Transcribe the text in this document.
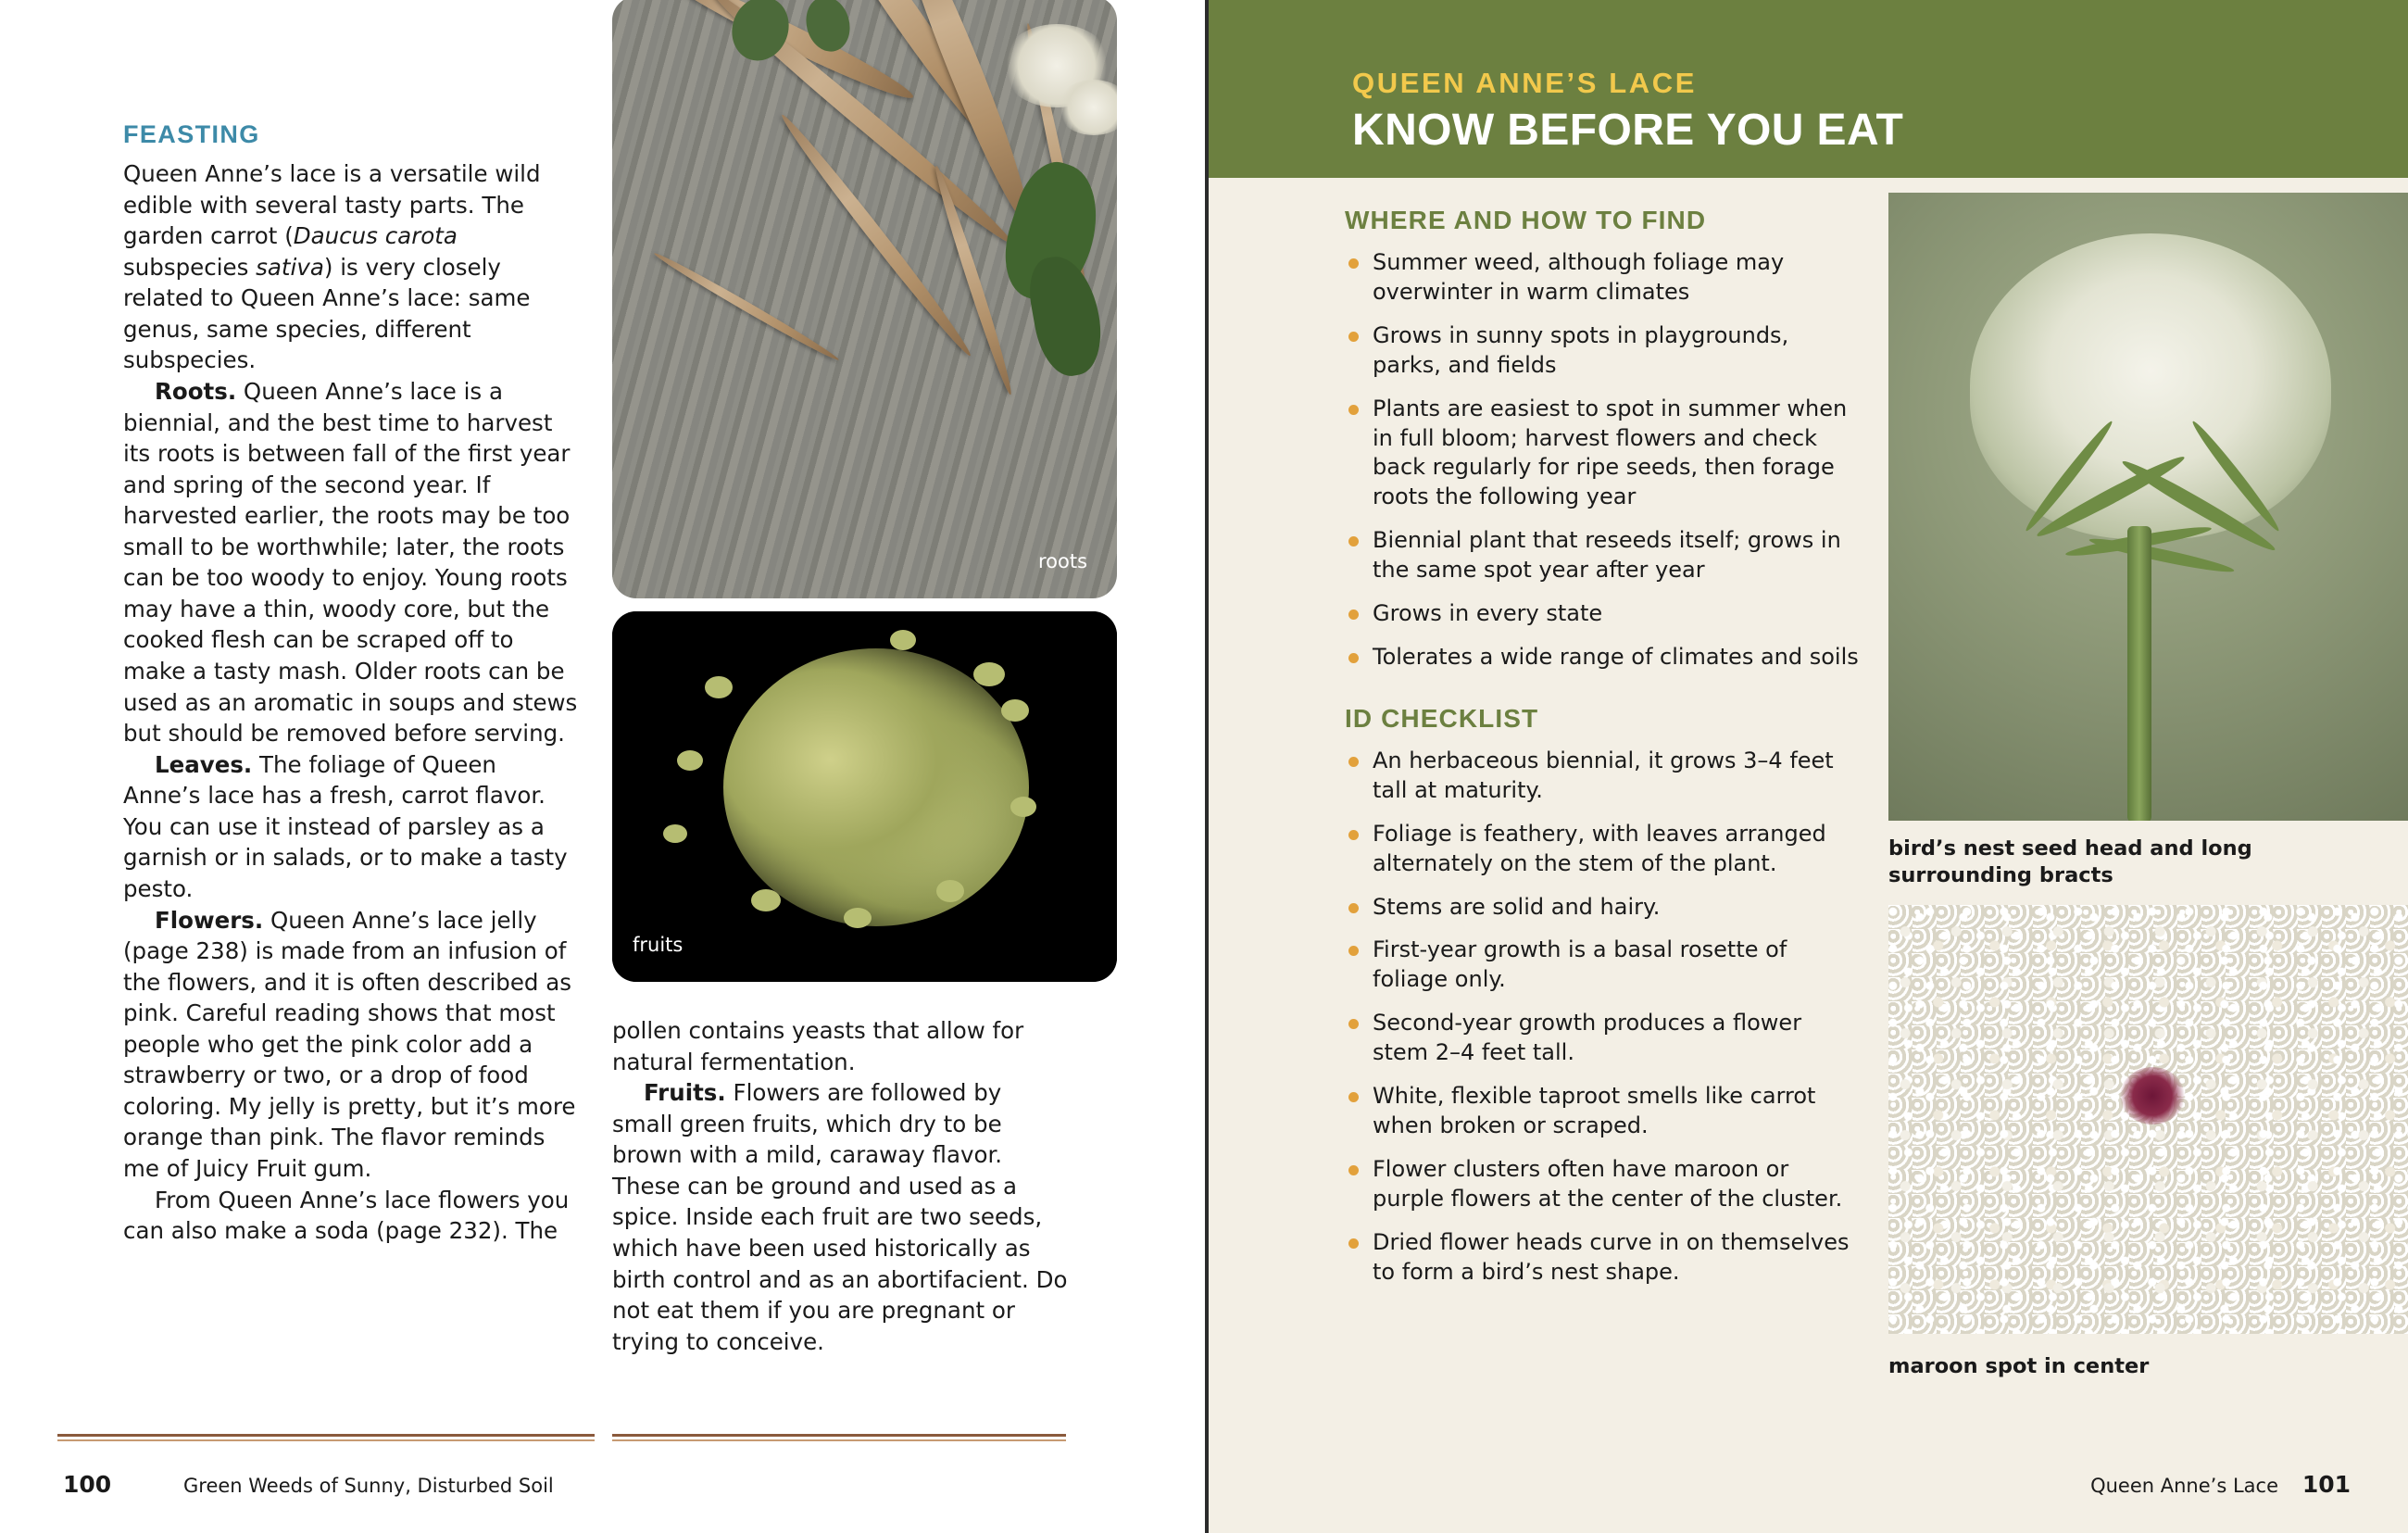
roots
fruits
FEASTING

Queen Anne’s lace is a versatile wild edible with several tasty parts. The garden carrot (Daucus carota subspecies sativa) is very closely related to Queen Anne’s lace: same genus, same species, different subspecies.

Roots. Queen Anne’s lace is a biennial, and the best time to harvest its roots is between fall of the first year and spring of the second year. If harvested earlier, the roots may be too small to be worthwhile; later, the roots can be too woody to enjoy. Young roots may have a thin, woody core, but the cooked flesh can be scraped off to make a tasty mash. Older roots can be used as an aromatic in soups and stews but should be removed before serving.

Leaves. The foliage of Queen Anne’s lace has a fresh, carrot flavor. You can use it instead of parsley as a garnish or in salads, or to make a tasty pesto.

Flowers. Queen Anne’s lace jelly (page 238) is made from an infusion of the flowers, and it is often described as pink. Careful reading shows that most people who get the pink color add a strawberry or two, or a drop of food coloring. My jelly is pretty, but it’s more orange than pink. The flavor reminds me of Juicy Fruit gum.

From Queen Anne’s lace flowers you can also make a soda (page 232). The

pollen contains yeasts that allow for natural fermentation.

Fruits. Flowers are followed by small green fruits, which dry to be brown with a mild, caraway flavor. These can be ground and used as a spice. Inside each fruit are two seeds, which have been used historically as birth control and as an abortifacient. Do not eat them if you are pregnant or trying to conceive.

100	Green Weeds of Sunny, Disturbed Soil
QUEEN ANNE’S LACE
KNOW BEFORE YOU EAT
WHERE AND HOW TO FIND
Summer weed, although foliage may overwinter in warm climates
Grows in sunny spots in playgrounds, parks, and fields
Plants are easiest to spot in summer when in full bloom; harvest flowers and check back regularly for ripe seeds, then forage roots the following year
Biennial plant that reseeds itself; grows in the same spot year after year
Grows in every state
Tolerates a wide range of climates and soils
ID CHECKLIST
An herbaceous biennial, it grows 3–4 feet tall at maturity.
Foliage is feathery, with leaves arranged alternately on the stem of the plant.
Stems are solid and hairy.
First-year growth is a basal rosette of foliage only.
Second-year growth produces a flower stem 2–4 feet tall.
White, flexible taproot smells like carrot when broken or scraped.
Flower clusters often have maroon or purple flowers at the center of the cluster.
Dried flower heads curve in on themselves to form a bird’s nest shape.
bird’s nest seed head and long surrounding bracts
maroon spot in center
101
Queen Anne’s Lace
